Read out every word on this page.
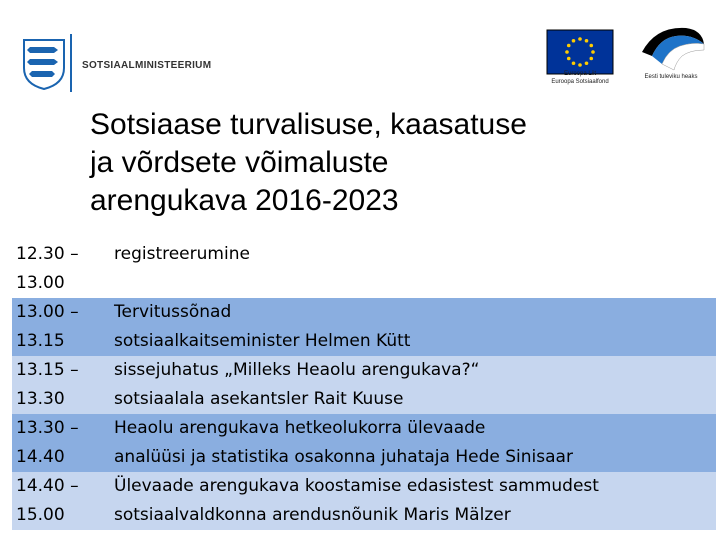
SOTSIAALMINISTEERIUM
Euroopa Liit
Euroopa Sotsiaalfond
Eesti tuleviku heaks
Sotsiaase turvalisuse, kaasatuse
ja võrdsete võimaluste
arengukava 2016-2023
12.30 –
13.00	registreerumine

13.00 –
13.15	Tervitussõnad
sotsiaalkaitseminister Helmen Kütt

13.15 –
13.30	sissejuhatus „Milleks Heaolu arengukava?“
sotsiaalala asekantsler Rait Kuuse

13.30 –
14.40	Heaolu arengukava hetkeolukorra ülevaade
analüüsi ja statistika osakonna juhataja Hede Sinisaar

14.40 –
15.00	Ülevaade arengukava koostamise edasistest sammudest
sotsiaalvaldkonna arendusnõunik Maris Mälzer
